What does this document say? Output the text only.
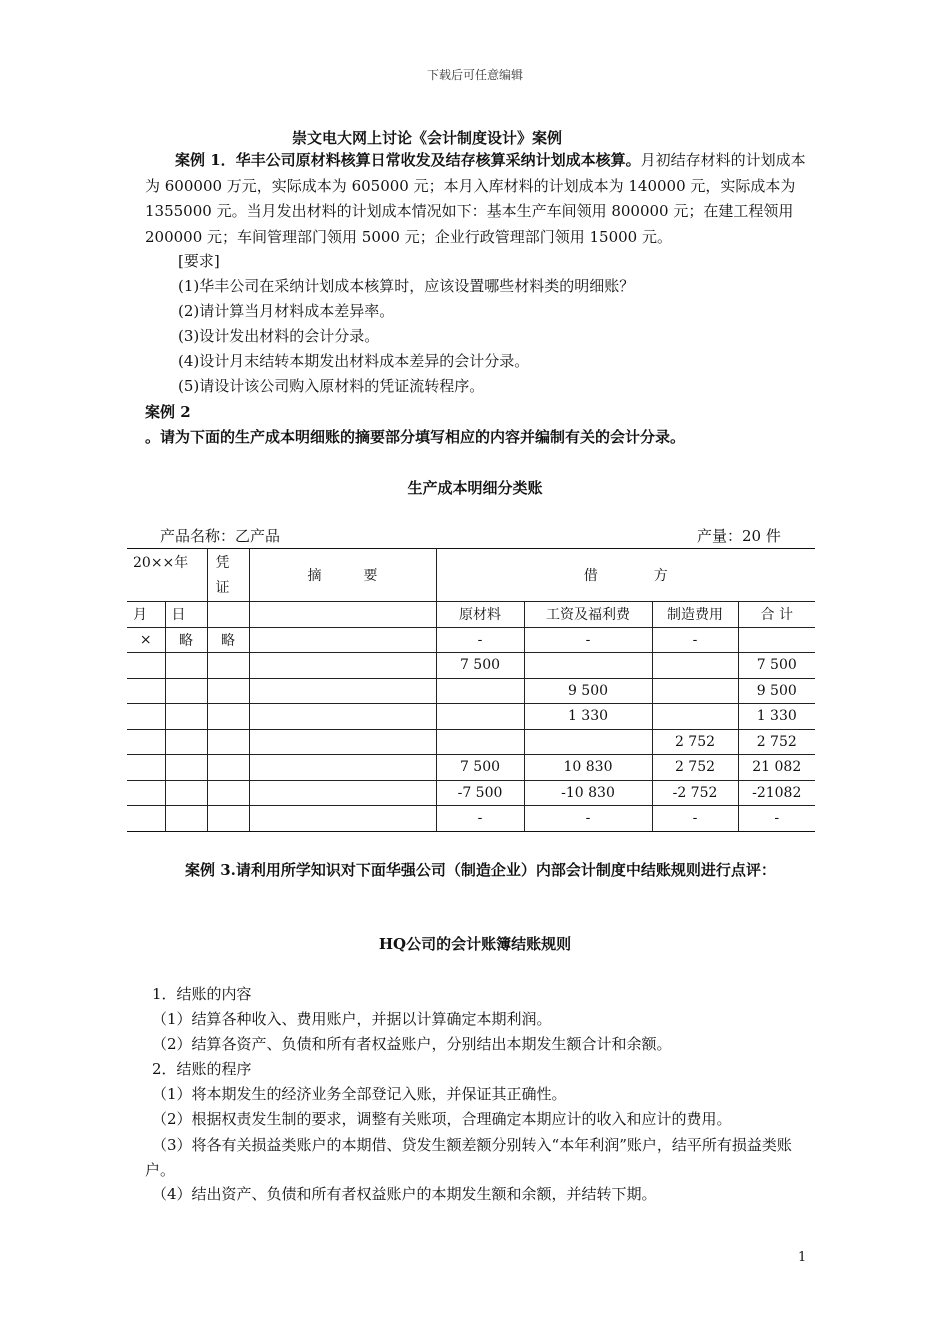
下载后可任意编辑
崇文电大网上讨论《会计制度设计》案例
案例 1．华丰公司原材料核算日常收发及结存核算采纳计划成本核算。月初结存材料的计划成本为 600000 万元，实际成本为 605000 元；本月入库材料的计划成本为 140000 元，实际成本为 1355000 元。当月发出材料的计划成本情况如下：基本生产车间领用 800000 元；在建工程领用 200000 元；车间管理部门领用 5000 元；企业行政管理部门领用 15000 元。
[要求]
(1)华丰公司在采纳计划成本核算时，应该设置哪些材料类的明细账？
(2)请计算当月材料成本差异率。
(3)设计发出材料的会计分录。
(4)设计月末结转本期发出材料成本差异的会计分录。
(5)请设计该公司购入原材料的凭证流转程序。
案例 2
。请为下面的生产成本明细账的摘要部分填写相应的内容并编制有关的会计分录。
生产成本明细分类账
产品名称：乙产品	产量：20 件
20××年		凭证	摘　　　要	借　　　　方			

月	日			原材料	工资及福利费	制造费用	合 计
×	略	略		-	-	-	
				7 500			7 500
					9 500		9 500
					1 330		1 330
						2 752	2 752
				7 500	10 830	2 752	21 082
				-7 500	-10 830	-2 752	-21082
				-	-	-	-
案例 3.请利用所学知识对下面华强公司（制造企业）内部会计制度中结账规则进行点评：
HQ公司的会计账簿结账规则
1．结账的内容
（1）结算各种收入、费用账户，并据以计算确定本期利润。
（2）结算各资产、负债和所有者权益账户，分别结出本期发生额合计和余额。
2．结账的程序
（1）将本期发生的经济业务全部登记入账，并保证其正确性。
（2）根据权责发生制的要求，调整有关账项，合理确定本期应计的收入和应计的费用。
（3）将各有关损益类账户的本期借、贷发生额差额分别转入“本年利润”账户，结平所有损益类账户。
（4）结出资产、负债和所有者权益账户的本期发生额和余额，并结转下期。
1
